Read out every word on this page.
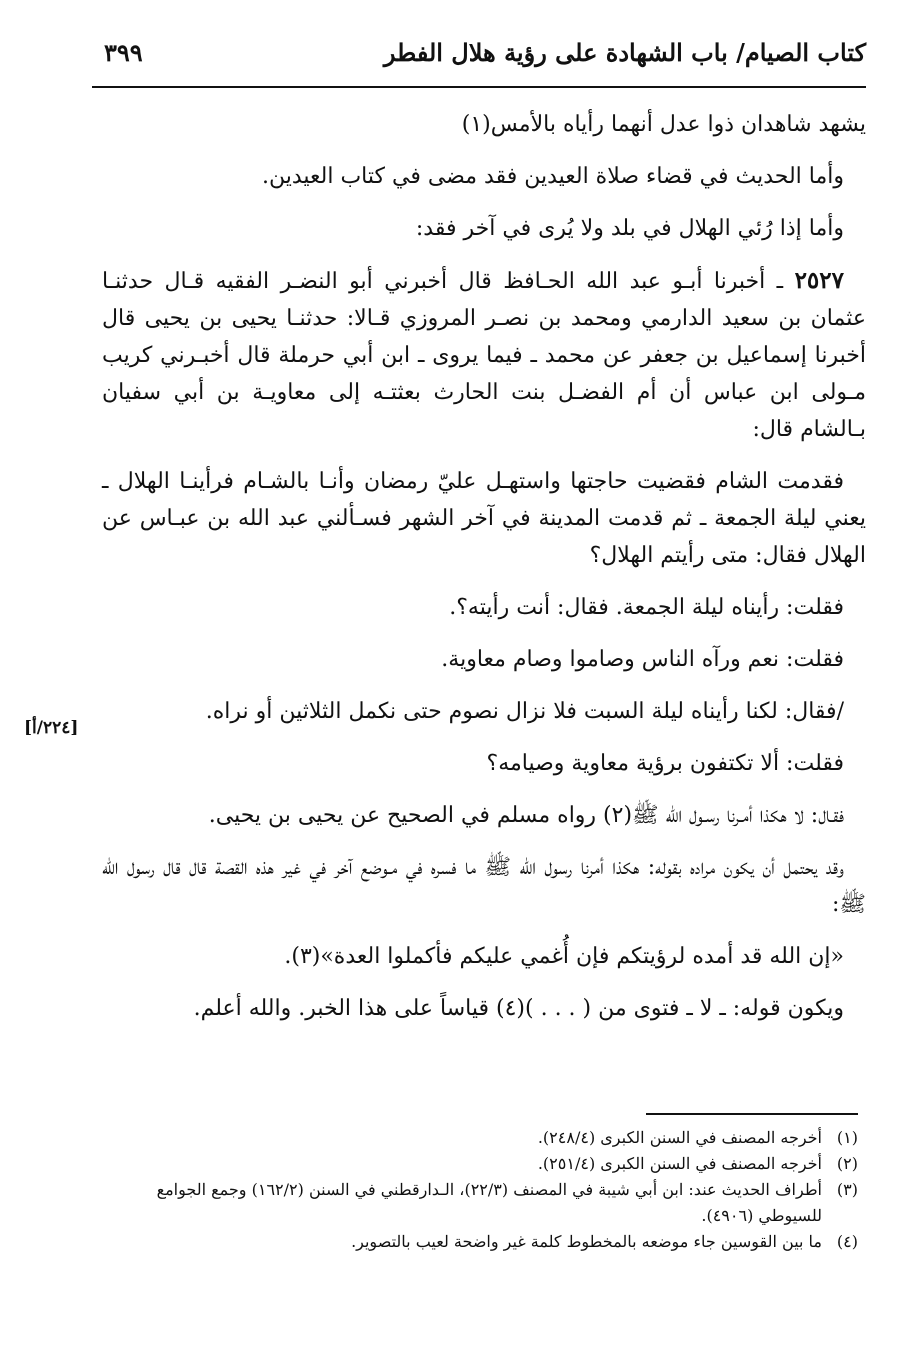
كتاب الصيام/ باب الشهادة على رؤية هلال الفطر
٣٩٩
[٢٢٤/أ]

يشهد شاهدان ذوا عدل أنهما رأياه بالأمس(١)

وأما الحديث في قضاء صلاة العيدين فقد مضى في كتاب العيدين.

وأما إذا رُئي الهلال في بلد ولا يُرى في آخر فقد:

٢٥٢٧ ـ أخبرنا أبـو عبد الله الحـافظ قال أخبرني أبو النضـر الفقيه قـال حدثنـا عثمان بن سعيد الدارمي ومحمد بن نصـر المروزي قـالا: حدثنـا يحيى بن يحيى قال أخبرنا إسماعيل بن جعفر عن محمد ـ فيما يروى ـ ابن أبي حرملة قال أخبـرني كريب مـولى ابن عباس أن أم الفضـل بنت الحارث بعثتـه إلى معاويـة بن أبي سفيان بـالشام قال:

فقدمت الشام فقضيت حاجتها واستهـل عليّ رمضان وأنـا بالشـام فرأينـا الهلال ـ يعني ليلة الجمعة ـ ثم قدمت المدينة في آخر الشهر فسـألني عبد الله بن عبـاس عن الهلال فقال: متى رأيتم الهلال؟

فقلت: رأيناه ليلة الجمعة. فقال: أنت رأيته؟.

فقلت: نعم ورآه الناس وصاموا وصام معاوية.

/فقال: لكنا رأيناه ليلة السبت فلا نزال نصوم حتى نكمل الثلاثين أو نراه.

فقلت: ألا تكتفون برؤية معاوية وصيامه؟

فقـال: لا هكذا أمـرنا رسـول الله ﷺ(٢) رواه مسلم في الصحيح عن يحيى بن يحيى.

وقد يحتمل أن يكون مراده بقوله: هكذا أمرنا رسول الله ﷺ ما فسره في مـوضع آخر في غير هذه القصة قال قال رسول الله ﷺ:

«إن الله قد أمده لرؤيتكم فإن أُغمي عليكم فأكملوا العدة»(٣).

ويكون قوله: ـ لا ـ فتوى من ( . . . )(٤) قياساً على هذا الخبر. والله أعلم.

(١)
أخرجه المصنف في السنن الكبرى (٢٤٨/٤).
(٢)
أخرجه المصنف في السنن الكبرى (٢٥١/٤).
(٣)
أطراف الحديث عند: ابن أبي شيبة في المصنف (٢٢/٣)، الـدارقطني في السنن (١٦٢/٢) وجمع الجوامع للسيوطي (٤٩٠٦).
(٤)
ما بين القوسين جاء موضعه بالمخطوط كلمة غير واضحة لعيب بالتصوير.
